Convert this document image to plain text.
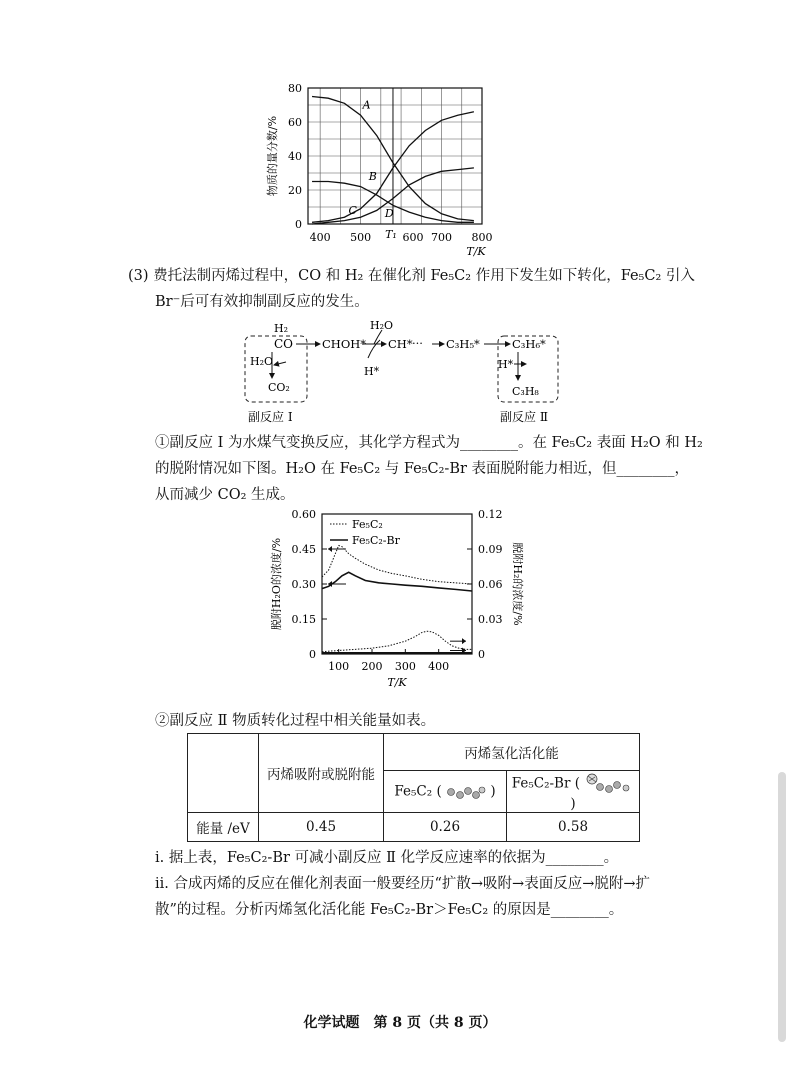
0
20
40
60
80
400 500	700 800
T₁ 600
T/K
物质的量分数/%
A
B
C	D
(3) 费托法制丙烯过程中，CO 和 H₂ 在催化剂 Fe₅C₂ 作用下发生如下转化，Fe₅C₂ 引入
Br⁻后可有效抑制副反应的发生。
H₂
CO
H₂O
CO₂
CHOH*
H₂O
H*
CH* ··· C₃H₅*	C₃H₆*
H*
C₃H₈
副反应 Ⅰ	副反应 Ⅱ
①副反应 Ⅰ 为水煤气变换反应，其化学方程式为________。在 Fe₅C₂ 表面 H₂O 和 H₂
的脱附情况如下图。H₂O 在 Fe₅C₂ 与 Fe₅C₂-Br 表面脱附能力相近，但________，
从而减少 CO₂ 生成。
0
0.15
0.30
0.45
0.60
0
0.03
0.06
0.09
0.12
100 200 300 400
T/K
脱附H₂O的浓度/%	脱附H₂的浓度/%
Fe₅C₂
Fe₅C₂-Br
②副反应 Ⅱ 物质转化过程中相关能量如表。
	丙烯吸附或脱附能	丙烯氢化活化能	
		Fe₅C₂ ( )	Fe₅C₂-Br (  )
能量 /eV	0.45	0.26	0.58
i. 据上表，Fe₅C₂-Br 可减小副反应 Ⅱ 化学反应速率的依据为________。
ii. 合成丙烯的反应在催化剂表面一般要经历“扩散→吸附→表面反应→脱附→扩
散”的过程。分析丙烯氢化活化能 Fe₅C₂-Br＞Fe₅C₂ 的原因是________。
化学试题　第 8 页（共 8 页）
